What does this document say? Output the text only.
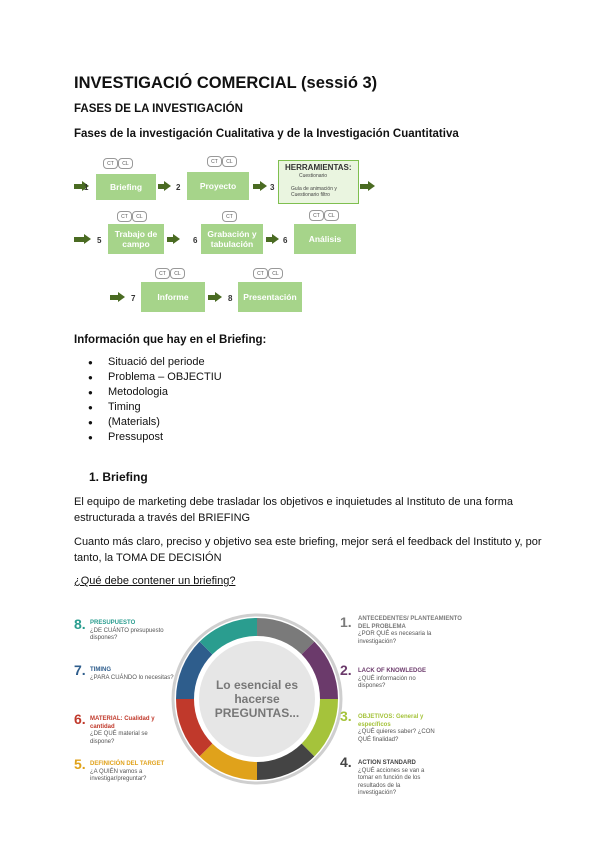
INVESTIGACIÓ COMERCIAL (sessió 3)
FASES DE LA INVESTIGACIÓN
Fases de la investigación Cualitativa y de la Investigación Cuantitativa
CT	CL
1	Briefing	2
CT	CL
Proyecto	3
HERRAMIENTAS:
Cuestionario
Guía de animación y Cuestionario filtro
CT	CL
5
Trabajo de campo	6
CT
Grabación y tabulación	6
CT	CL
Análisis
CT	CL
7	Informe	8
CT	CL
Presentación
Información que hay en el Briefing:
● Situació del periode
● Problema – OBJECTIU
● Metodologia
● Timing
● (Materials)
● Pressupost
1. Briefing
El equipo de marketing debe trasladar los objetivos e inquietudes al Instituto de una forma estructurada a través del BRIEFING
Cuanto más claro, preciso y objetivo sea este briefing, mejor será el feedback del Instituto y, por tanto, la TOMA DE DECISIÓN
¿Qué debe contener un briefing?
Lo esencial es hacerse PREGUNTAS...
8. PRESUPUESTO
¿DE CUÁNTO presupuesto dispones?
7. TIMING
¿PARA CUÁNDO lo necesitas?
6. MATERIAL: Cualidad y cantidad
¿DE QUÉ material se dispone?
5. DEFINICIÓN DEL TARGET
¿A QUIÉN vamos a investigar/preguntar?
1. ANTECEDENTES/ PLANTEAMIENTO DEL PROBLEMA
¿POR QUÉ es necesaria la investigación?
2. LACK OF KNOWLEDGE
¿QUÉ información no dispones?
3. OBJETIVOS: General y específicos
¿QUÉ quieres saber? ¿CON QUÉ finalidad?
4. ACTION STANDARD
¿QUÉ acciones se van a tomar en función de los resultados de la investigación?
